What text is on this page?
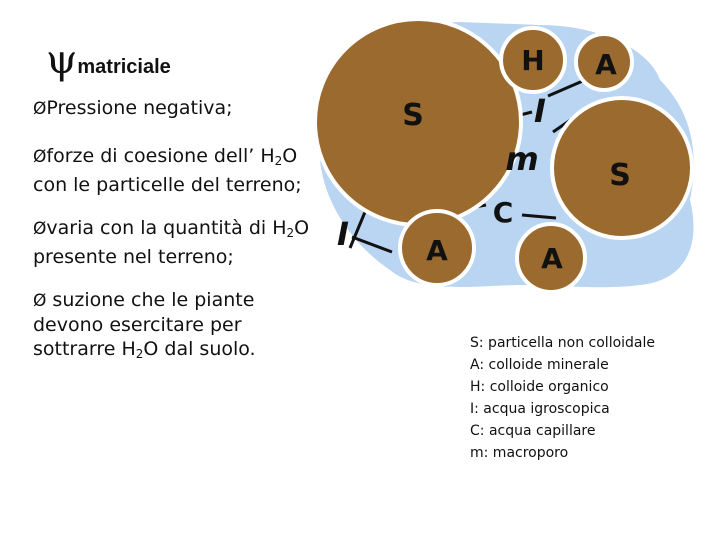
ψ matriciale
ØPressione negativa;
Øforze di coesione dell’ $H_2O$
con le particelle del terreno;
Øvaria con la quantità di $H_2O$
presente nel terreno;
Ø suzione che le piante
devono esercitare per
sottrarre $H_2O$ dal suolo.
S
H A
I
m S
C
I	A	A
S: particella non colloidale
A: colloide minerale
H: colloide organico
I: acqua igroscopica
C: acqua capillare
m: macroporo
